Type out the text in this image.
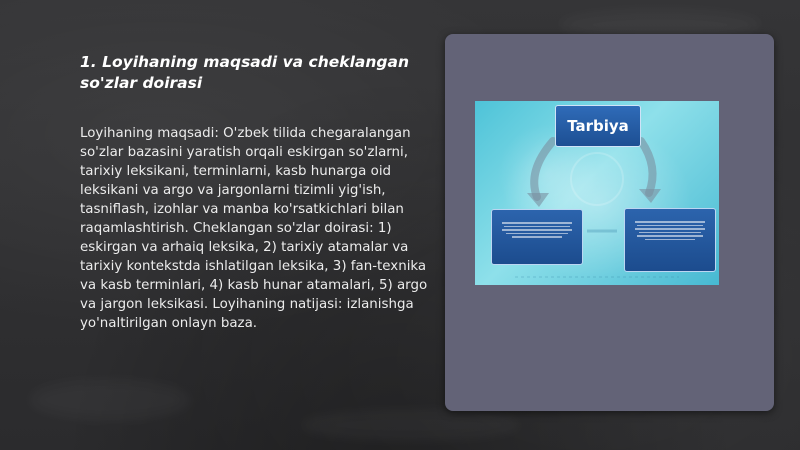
1. Loyihaning maqsadi va cheklangan so'zlar doirasi

Loyihaning maqsadi: O'zbek tilida chegaralangan so'zlar bazasini yaratish orqali eskirgan so'zlarni, tarixiy leksikani, terminlarni, kasb hunarga oid leksikani va argo va jargonlarni tizimli yig'ish, tasniflash, izohlar va manba ko'rsatkichlari bilan raqamlashtirish. Cheklangan so'zlar doirasi: 1) eskirgan va arhaiq leksika, 2) tarixiy atamalar va tarixiy kontekstda ishlatilgan leksika, 3) fan-texnika va kasb terminlari, 4) kasb hunar atamalari, 5) argo va jargon leksikasi. Loyihaning natijasi: izlanishga yo'naltirilgan onlayn baza.

Tarbiya
